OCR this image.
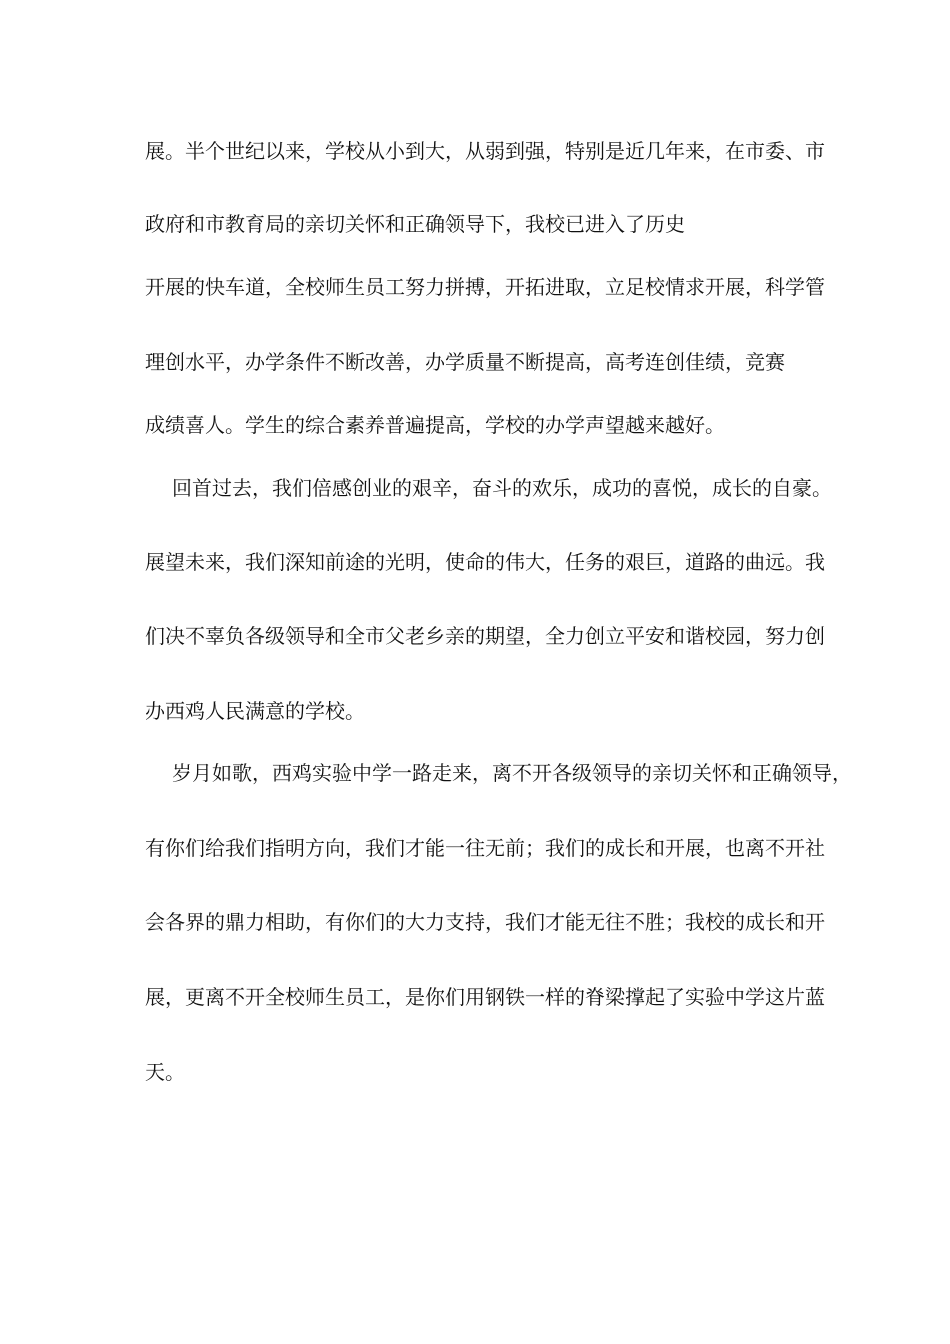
展。半个世纪以来，学校从小到大，从弱到强，特别是近几年来，在市委、市
政府和市教育局的亲切关怀和正确领导下，我校已进入了历史
开展的快车道，全校师生员工努力拼搏，开拓进取，立足校情求开展，科学管
理创水平，办学条件不断改善，办学质量不断提高，高考连创佳绩，竞赛
成绩喜人。学生的综合素养普遍提高，学校的办学声望越来越好。
回首过去，我们倍感创业的艰辛，奋斗的欢乐，成功的喜悦，成长的自豪。
展望未来，我们深知前途的光明，使命的伟大，任务的艰巨，道路的曲远。我
们决不辜负各级领导和全市父老乡亲的期望，全力创立平安和谐校园，努力创
办西鸡人民满意的学校。
岁月如歌，西鸡实验中学一路走来，离不开各级领导的亲切关怀和正确领导，
有你们给我们指明方向，我们才能一往无前；我们的成长和开展，也离不开社
会各界的鼎力相助，有你们的大力支持，我们才能无往不胜；我校的成长和开
展，更离不开全校师生员工，是你们用钢铁一样的脊梁撑起了实验中学这片蓝
天。
